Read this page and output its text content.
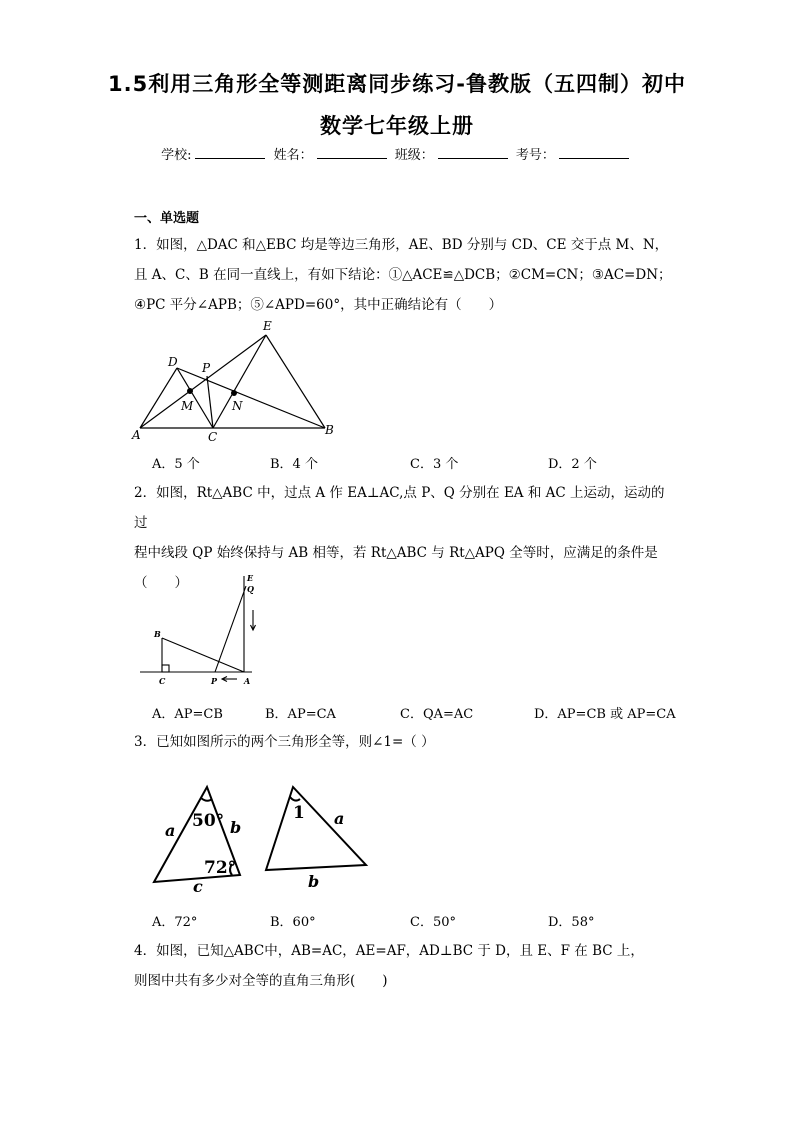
1.5利用三角形全等测距离同步练习-鲁教版（五四制）初中
数学七年级上册
学校:	姓名：	班级：	考号：
一、单选题
1．如图，△DAC 和△EBC 均是等边三角形，AE、BD 分别与 CD、CE 交于点 M、N，
且 A、C、B 在同一直线上，有如下结论：①△ACE≌△DCB；②CM=CN；③AC=DN；
④PC 平分∠APB；⑤∠APD=60°，其中正确结论有（　　）
A	B
C
D
E
P
M	N
A．5 个	B．4 个	C．3 个	D．2 个
2．如图，Rt△ABC 中，过点 A 作 EA⊥AC,点 P、Q 分别在 EA 和 AC 上运动，运动的过
程中线段 QP 始终保持与 AB 相等，若 Rt△ABC 与 Rt△APQ 全等时，应满足的条件是
（　　）	E
Q
B
C	P	A
A．AP=CB	B．AP=CA	C．QA=AC	D．AP=CB 或 AP=CA
3．已知如图所示的两个三角形全等，则∠1=（ ）
50°
72°
a	b
c
1 a
b
A．72°	B．60°	C．50°	D．58°
4．如图，已知△ABC中，AB=AC，AE=AF，AD⊥BC 于 D，且 E、F 在 BC 上，
则图中共有多少对全等的直角三角形(　　)
